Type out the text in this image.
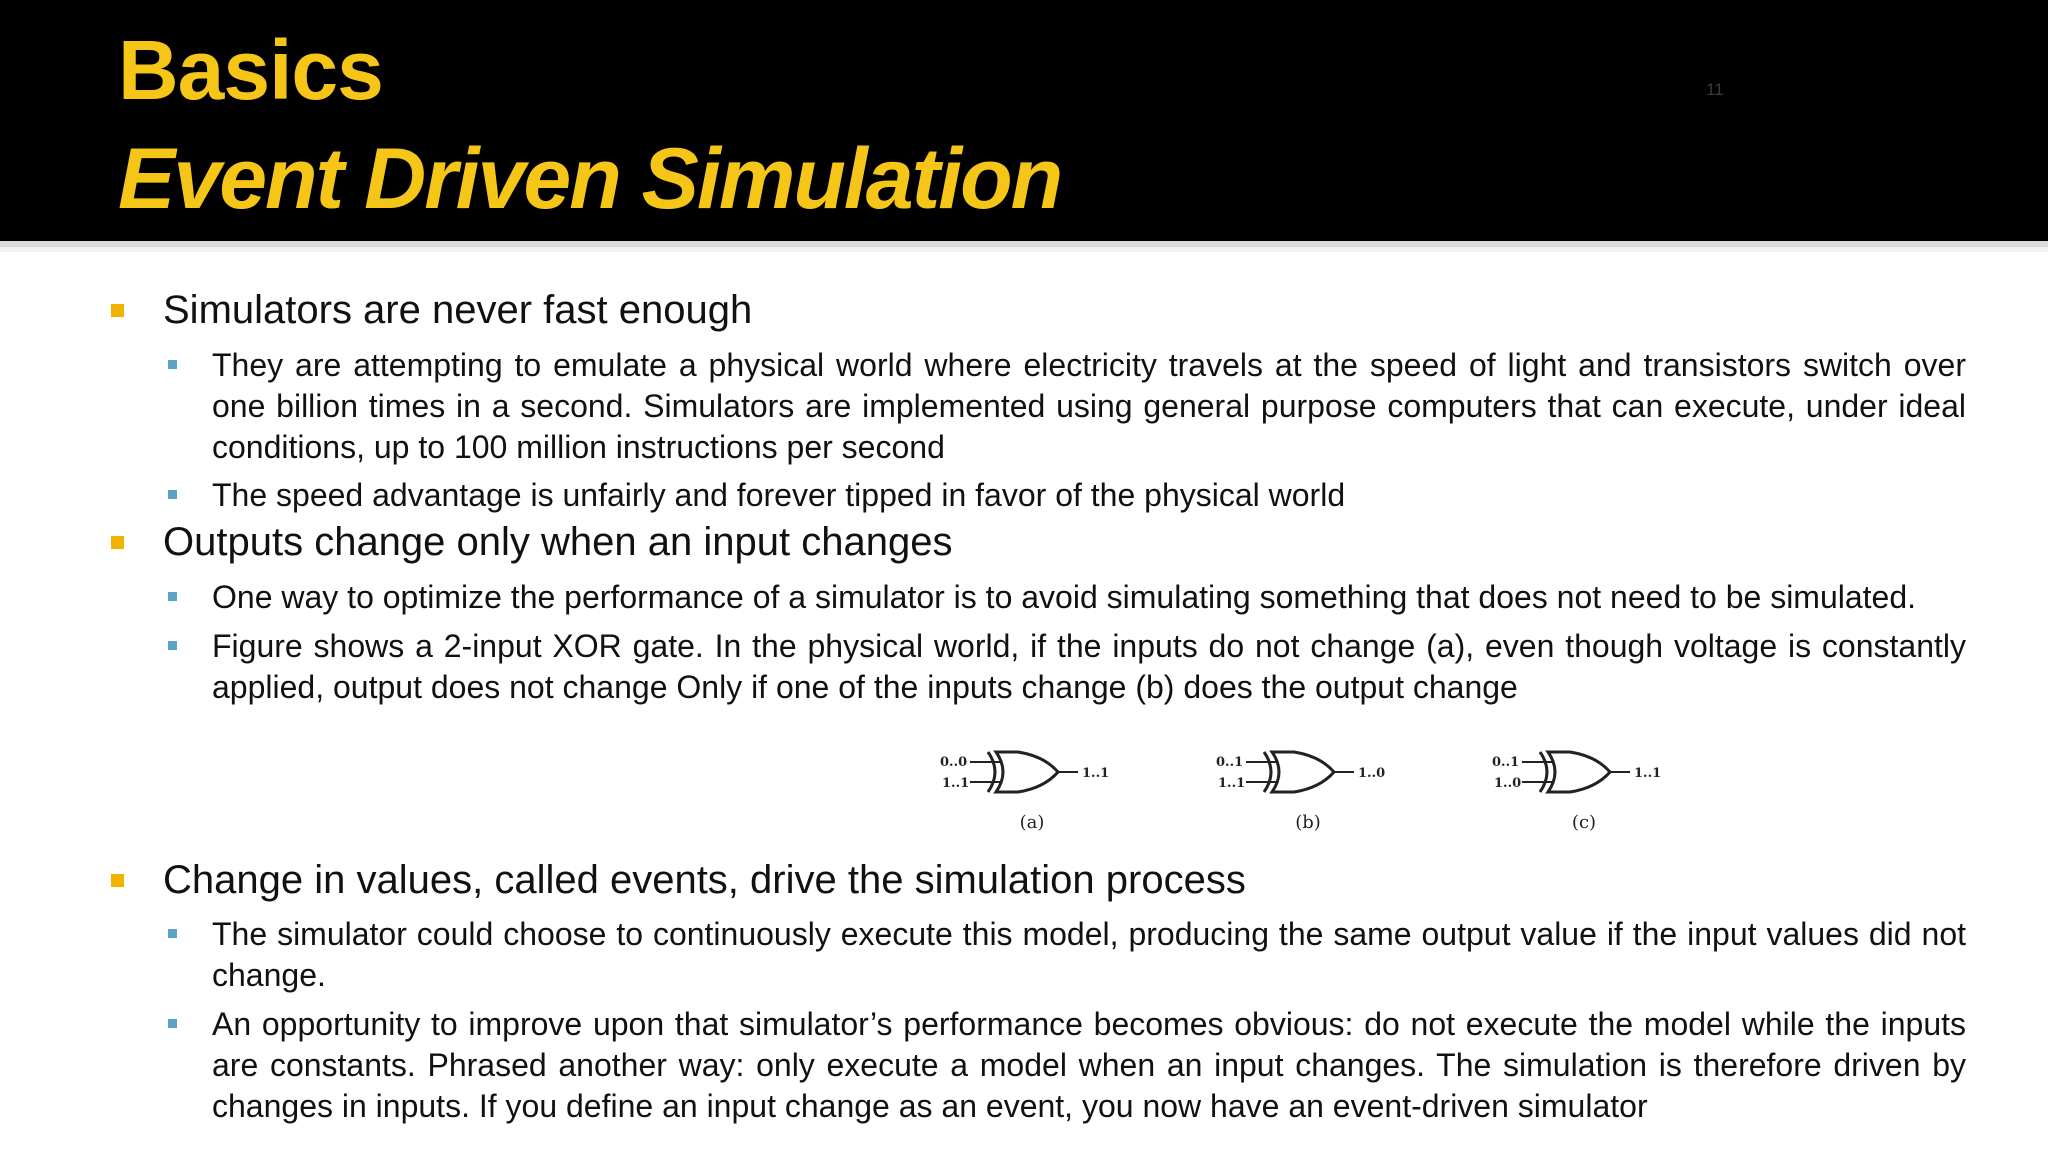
Basics
Event Driven Simulation
11
Simulators are never fast enough
They are attempting to emulate a physical world where electricity travels at the speed of light and transistors switch over one billion times in a second. Simulators are implemented using general purpose computers that can execute, under ideal conditions, up to 100 million instructions per second
The speed advantage is unfairly and forever tipped in favor of the physical world
Outputs change only when an input changes
One way to optimize the performance of a simulator is to avoid simulating something that does not need to be simulated.
Figure shows a 2-input XOR gate. In the physical world, if the inputs do not change (a), even though voltage is constantly applied, output does not change Only if one of the inputs change (b) does the output change
Change in values, called events, drive the simulation process
The simulator could choose to continuously execute this model, producing the same output value if the input values did not change.
An opportunity to improve upon that simulator’s performance becomes obvious: do not execute the model while the inputs are constants. Phrased another way: only execute a model when an input changes. The simulation is therefore driven by changes in inputs. If you define an input change as an event, you now have an event-driven simulator
0..0
1..1
1..1
(a)
0..1
1..1
1..0
(b)
0..1
1..0
1..1
(c)
